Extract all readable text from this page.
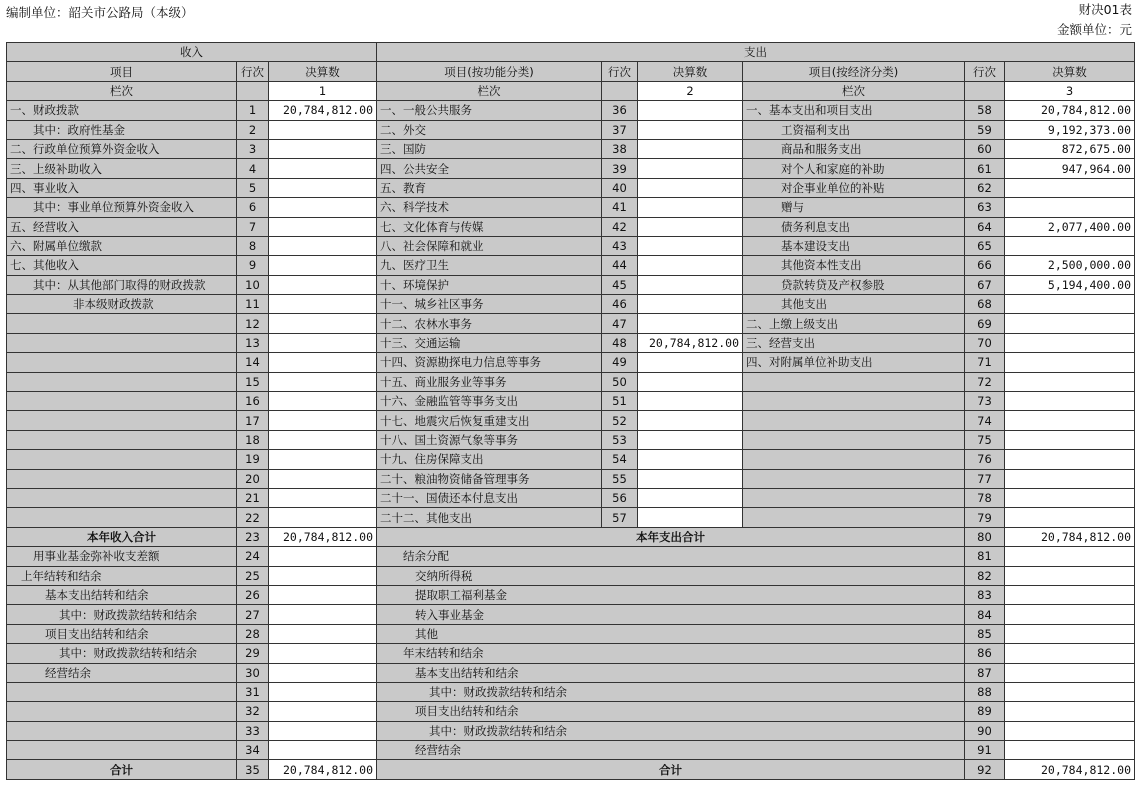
编制单位：韶关市公路局（本级）	财决01表
金额单位：元
收入			支出					
项目	行次	决算数	项目(按功能分类)	行次	决算数	项目(按经济分类)	行次	决算数
栏次		1	栏次		2	栏次		3
一、财政拨款	1	20,784,812.00	一、一般公共服务	36		一、基本支出和项目支出	58	20,784,812.00
其中：政府性基金	2		二、外交	37		工资福利支出	59	9,192,373.00
二、行政单位预算外资金收入	3		三、国防	38		商品和服务支出	60	872,675.00
三、上级补助收入	4		四、公共安全	39		对个人和家庭的补助	61	947,964.00
四、事业收入	5		五、教育	40		对企事业单位的补贴	62	
其中：事业单位预算外资金收入	6		六、科学技术	41		赠与	63	
五、经营收入	7		七、文化体育与传媒	42		债务利息支出	64	2,077,400.00
六、附属单位缴款	8		八、社会保障和就业	43		基本建设支出	65	
七、其他收入	9		九、医疗卫生	44		其他资本性支出	66	2,500,000.00
其中：从其他部门取得的财政拨款	10		十、环境保护	45		贷款转贷及产权参股	67	5,194,400.00
非本级财政拨款	11		十一、城乡社区事务	46		其他支出	68	
	12		十二、农林水事务	47		二、上缴上级支出	69	
	13		十三、交通运输	48	20,784,812.00	三、经营支出	70	
	14		十四、资源勘探电力信息等事务	49		四、对附属单位补助支出	71	
	15		十五、商业服务业等事务	50			72	
	16		十六、金融监管等事务支出	51			73	
	17		十七、地震灾后恢复重建支出	52			74	
	18		十八、国土资源气象等事务	53			75	
	19		十九、住房保障支出	54			76	
	20		二十、粮油物资储备管理事务	55			77	
	21		二十一、国债还本付息支出	56			78	
	22		二十二、其他支出	57			79	
本年收入合计	23	20,784,812.00	本年支出合计				80	20,784,812.00
用事业基金弥补收支差额	24		结余分配				81	
上年结转和结余	25		交纳所得税				82	
基本支出结转和结余	26		提取职工福利基金				83	
其中：财政拨款结转和结余	27		转入事业基金				84	
项目支出结转和结余	28		其他				85	
其中：财政拨款结转和结余	29		年末结转和结余				86	
经营结余	30		基本支出结转和结余				87	
	31		其中：财政拨款结转和结余				88	
	32		项目支出结转和结余				89	
	33		其中：财政拨款结转和结余				90	
	34		经营结余				91	
合计	35	20,784,812.00	合计				92	20,784,812.00
